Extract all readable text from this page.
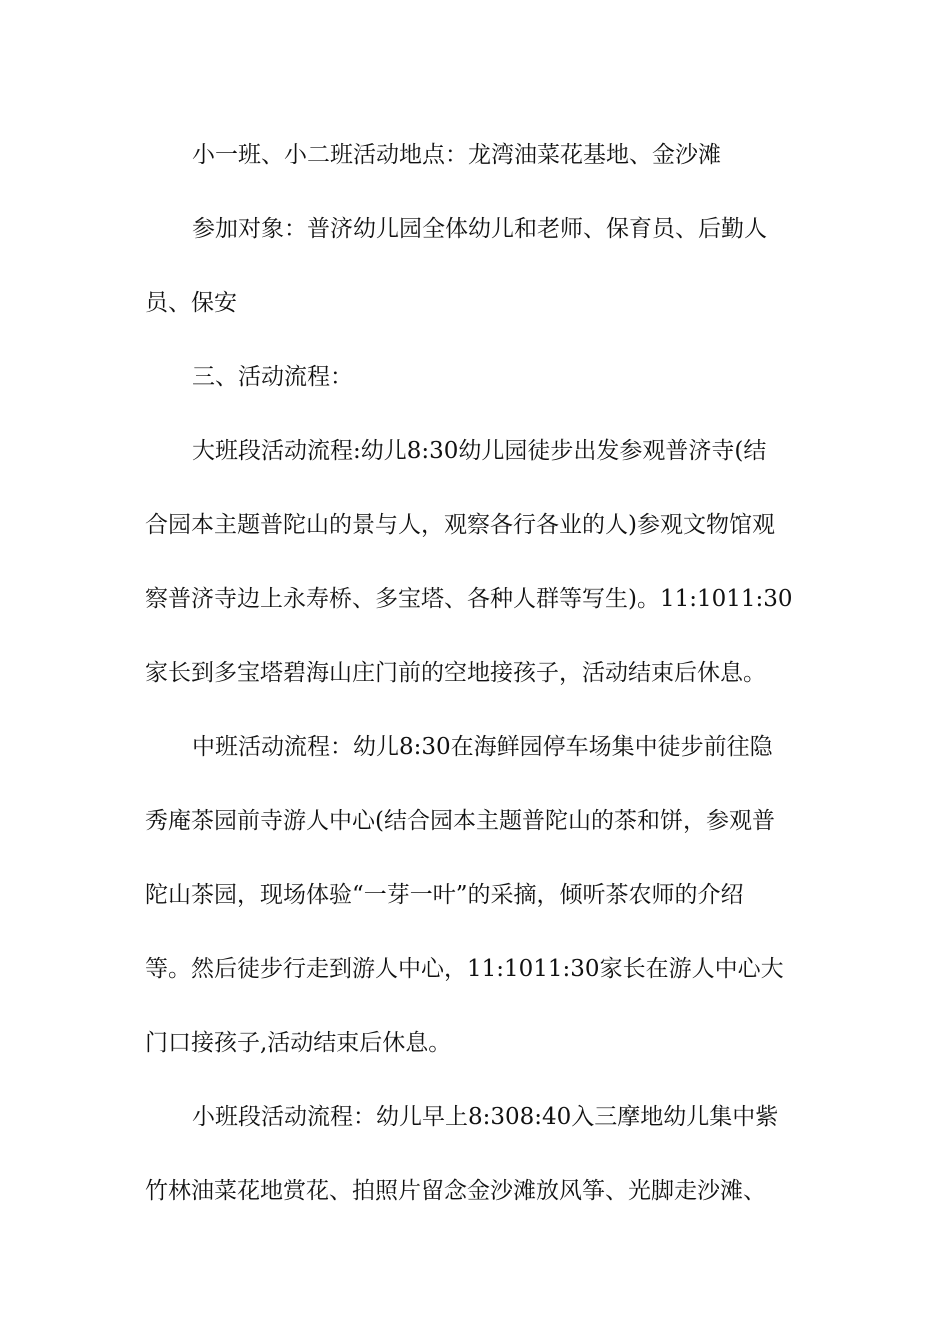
小一班、小二班活动地点：龙湾油菜花基地、金沙滩
参加对象：普济幼儿园全体幼儿和老师、保育员、后勤人
员、保安
三、活动流程：
大班段活动流程:幼儿8:30幼儿园徒步出发参观普济寺(结
合园本主题普陀山的景与人，观察各行各业的人)参观文物馆观
察普济寺边上永寿桥、多宝塔、各种人群等写生)。11:1011:30
家长到多宝塔碧海山庄门前的空地接孩子，活动结束后休息。
中班活动流程：幼儿8:30在海鲜园停车场集中徒步前往隐
秀庵茶园前寺游人中心(结合园本主题普陀山的茶和饼，参观普
陀山茶园，现场体验“一芽一叶”的采摘，倾听茶农师的介绍
等。然后徒步行走到游人中心，11:1011:30家长在游人中心大
门口接孩子,活动结束后休息。
小班段活动流程：幼儿早上8:308:40入三摩地幼儿集中紫
竹林油菜花地赏花、拍照片留念金沙滩放风筝、光脚走沙滩、
